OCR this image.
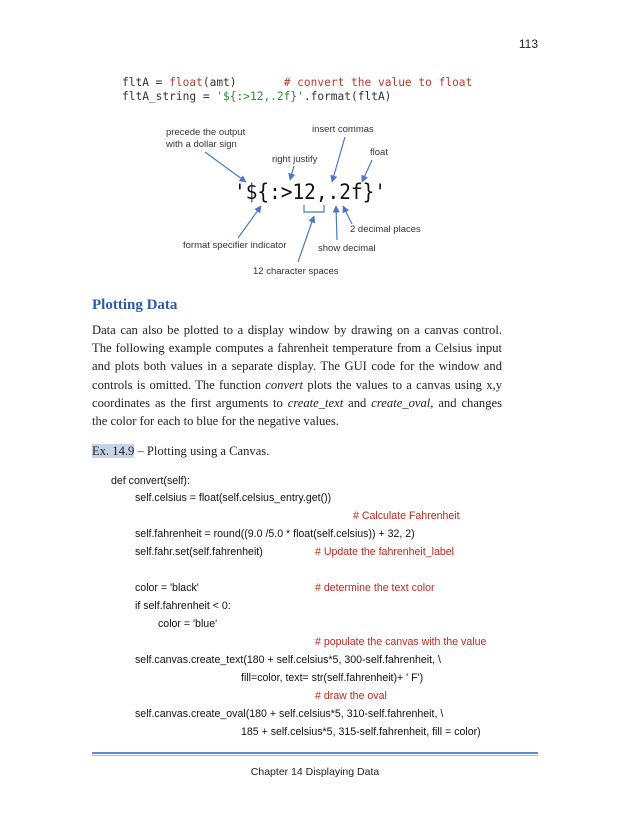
113
fltA = float(amt)	# convert the value to float
fltA_string = '${:>12,.2f}'.format(fltA)
precede the output
with a dollar sign
insert commas
right justify
float
2 decimal places
format specifier indicator	show decimal
12 character spaces
'${:>12,.2f}'
Plotting Data
Data can also be plotted to a display window by drawing on a canvas control. The following example computes a fahrenheit temperature from a Celsius input and plots both values in a separate display. The GUI code for the window and controls is omitted. The function convert plots the values to a canvas using x,y coordinates as the first arguments to create_text and create_oval, and changes the color for each to blue for the negative values.
Ex. 14.9 – Plotting using a Canvas.
def convert(self):
self.celsius = float(self.celsius_entry.get())
# Calculate Fahrenheit
self.fahrenheit = round((9.0 /5.0 * float(self.celsius)) + 32, 2)
self.fahr.set(self.fahrenheit)	# Update the fahrenheit_label
color = 'black'	# determine the text color
if self.fahrenheit < 0:
color = 'blue'
# populate the canvas with the value
self.canvas.create_text(180 + self.celsius*5, 300-self.fahrenheit, \
fill=color, text= str(self.fahrenheit)+ ' F')
# draw the oval
self.canvas.create_oval(180 + self.celsius*5, 310-self.fahrenheit, \
185 + self.celsius*5, 315-self.fahrenheit, fill = color)
Chapter 14 Displaying Data
